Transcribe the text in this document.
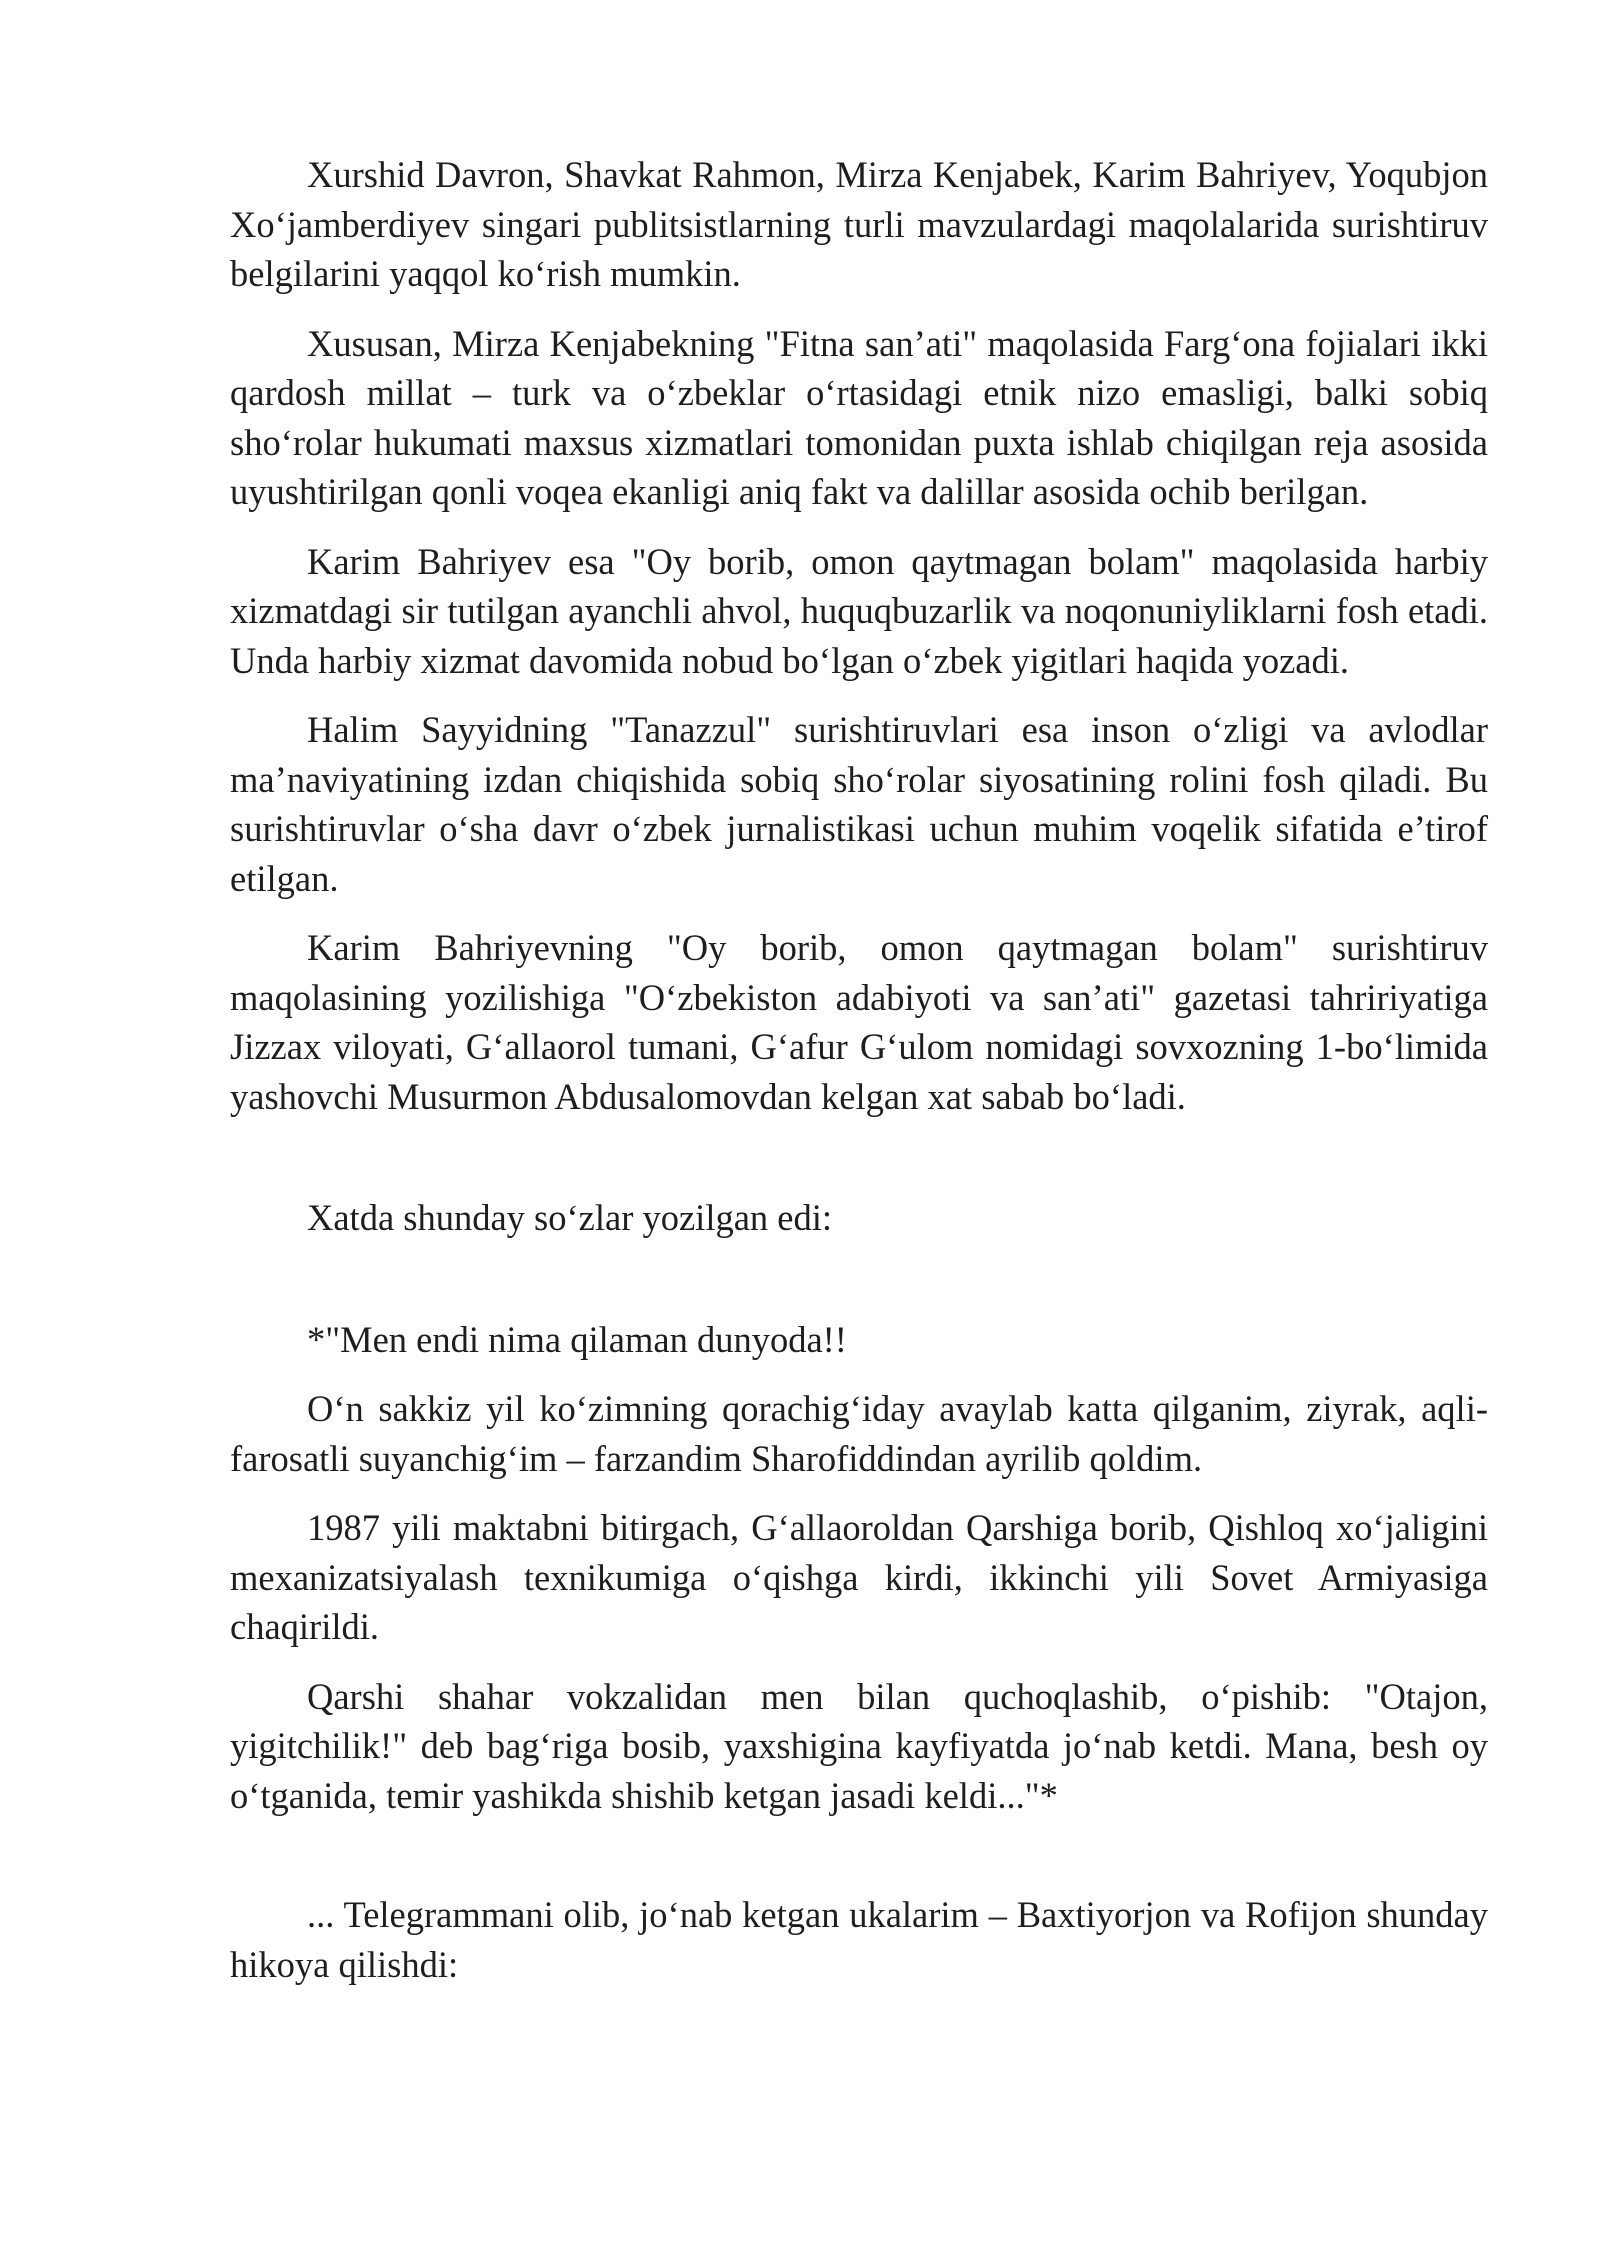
Xurshid Davron, Shavkat Rahmon, Mirza Kenjabek, Karim Bahriyev, Yoqubjon Xoʻjamberdiyev singari publitsistlarning turli mavzulardagi maqolalarida surishtiruv belgilarini yaqqol koʻrish mumkin.

Xususan, Mirza Kenjabekning "Fitna san’ati" maqolasida Fargʻona fojialari ikki qardosh millat – turk va oʻzbeklar oʻrtasidagi etnik nizo emasligi, balki sobiq shoʻrolar hukumati maxsus xizmatlari tomonidan puxta ishlab chiqilgan reja asosida uyushtirilgan qonli voqea ekanligi aniq fakt va dalillar asosida ochib berilgan.

Karim Bahriyev esa "Oy borib, omon qaytmagan bolam" maqolasida harbiy xizmatdagi sir tutilgan ayanchli ahvol, huquqbuzarlik va noqonuniyliklarni fosh etadi. Unda harbiy xizmat davomida nobud boʻlgan oʻzbek yigitlari haqida yozadi.

Halim Sayyidning "Tanazzul" surishtiruvlari esa inson oʻzligi va avlodlar ma’naviyatining izdan chiqishida sobiq shoʻrolar siyosatining rolini fosh qiladi. Bu surishtiruvlar oʻsha davr oʻzbek jurnalistikasi uchun muhim voqelik sifatida e’tirof etilgan.

Karim Bahriyevning "Oy borib, omon qaytmagan bolam" surishtiruv maqolasining yozilishiga "Oʻzbekiston adabiyoti va san’ati" gazetasi tahririyatiga Jizzax viloyati, Gʻallaorol tumani, Gʻafur Gʻulom nomidagi sovxozning 1-boʻlimida yashovchi Musurmon Abdusalomovdan kelgan xat sabab boʻladi.

Xatda shunday soʻzlar yozilgan edi:

*"Men endi nima qilaman dunyoda!!

Oʻn sakkiz yil koʻzimning qorachigʻiday avaylab katta qilganim, ziyrak, aqli-farosatli suyanchigʻim – farzandim Sharofiddindan ayrilib qoldim.

1987 yili maktabni bitirgach, Gʻallaoroldan Qarshiga borib, Qishloq xoʻjaligini mexanizatsiyalash texnikumiga oʻqishga kirdi, ikkinchi yili Sovet Armiyasiga chaqirildi.

Qarshi shahar vokzalidan men bilan quchoqlashib, oʻpishib: "Otajon, yigitchilik!" deb bagʻriga bosib, yaxshigina kayfiyatda joʻnab ketdi. Mana, besh oy oʻtganida, temir yashikda shishib ketgan jasadi keldi..."*

... Telegrammani olib, joʻnab ketgan ukalarim – Baxtiyorjon va Rofijon shunday hikoya qilishdi:
